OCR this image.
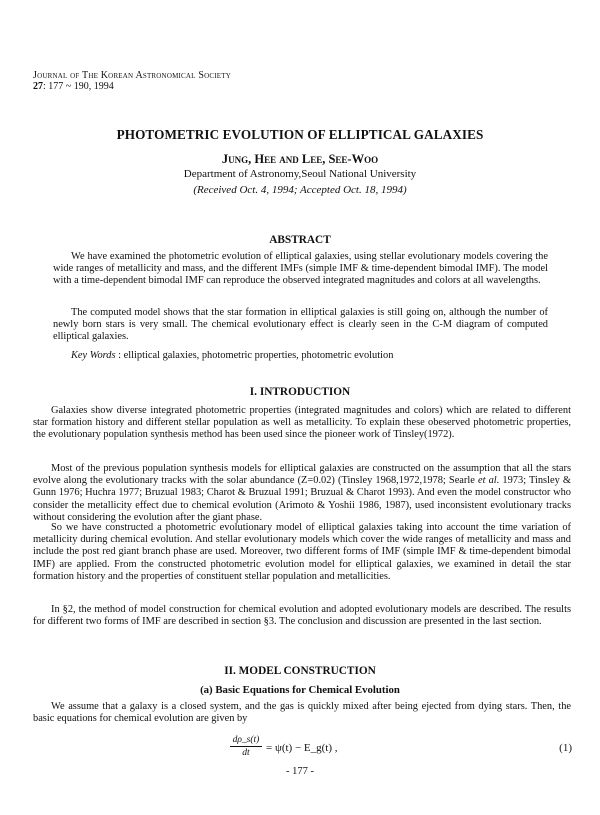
Journal of The Korean Astronomical Society
27: 177 ~ 190, 1994
PHOTOMETRIC EVOLUTION OF ELLIPTICAL GALAXIES
Jung, Hee and Lee, See-Woo
Department of Astronomy,Seoul National University
(Received Oct. 4, 1994; Accepted Oct. 18, 1994)
ABSTRACT
We have examined the photometric evolution of elliptical galaxies, using stellar evolutionary models covering the wide ranges of metallicity and mass, and the different IMFs (simple IMF & time-dependent bimodal IMF). The model with a time-dependent bimodal IMF can reproduce the observed integrated magnitudes and colors at all wavelengths.
The computed model shows that the star formation in elliptical galaxies is still going on, although the number of newly born stars is very small. The chemical evolutionary effect is clearly seen in the C-M diagram of computed elliptical galaxies.
Key Words : elliptical galaxies, photometric properties, photometric evolution
I. INTRODUCTION
Galaxies show diverse integrated photometric properties (integrated magnitudes and colors) which are related to different star formation history and different stellar population as well as metallicity. To explain these obeserved photometric properties, the evolutionary population synthesis method has been used since the pioneer work of Tinsley(1972).
Most of the previous population synthesis models for elliptical galaxies are constructed on the assumption that all the stars evolve along the evolutionary tracks with the solar abundance (Z=0.02) (Tinsley 1968,1972,1978; Searle et al. 1973; Tinsley & Gunn 1976; Huchra 1977; Bruzual 1983; Charot & Bruzual 1991; Bruzual & Charot 1993). And even the model constructor who consider the metallicity effect due to chemical evolution (Arimoto & Yoshii 1986, 1987), used inconsistent evolutionary tracks without considering the evolution after the giant phase.
So we have constructed a photometric evolutionary model of elliptical galaxies taking into account the time variation of metallicity during chemical evolution. And stellar evolutionary models which cover the wide ranges of metallicity and mass and include the post red giant branch phase are used. Moreover, two different forms of IMF (simple IMF & time-dependent bimodal IMF) are applied. From the constructed photometric evolution model for elliptical galaxies, we examined in detail the star formation history and the properties of constituent stellar population and metallicities.
In §2, the method of model construction for chemical evolution and adopted evolutionary models are described. The results for different two forms of IMF are described in section §3. The conclusion and discussion are presented in the last section.
II. MODEL CONSTRUCTION
(a) Basic Equations for Chemical Evolution
We assume that a galaxy is a closed system, and the gas is quickly mixed after being ejected from dying stars. Then, the basic equations for chemical evolution are given by
$\frac{d\rho\_s(t)}{dt} = \psi(t)$ − E_g(t) ,	(1)
- 177 -
